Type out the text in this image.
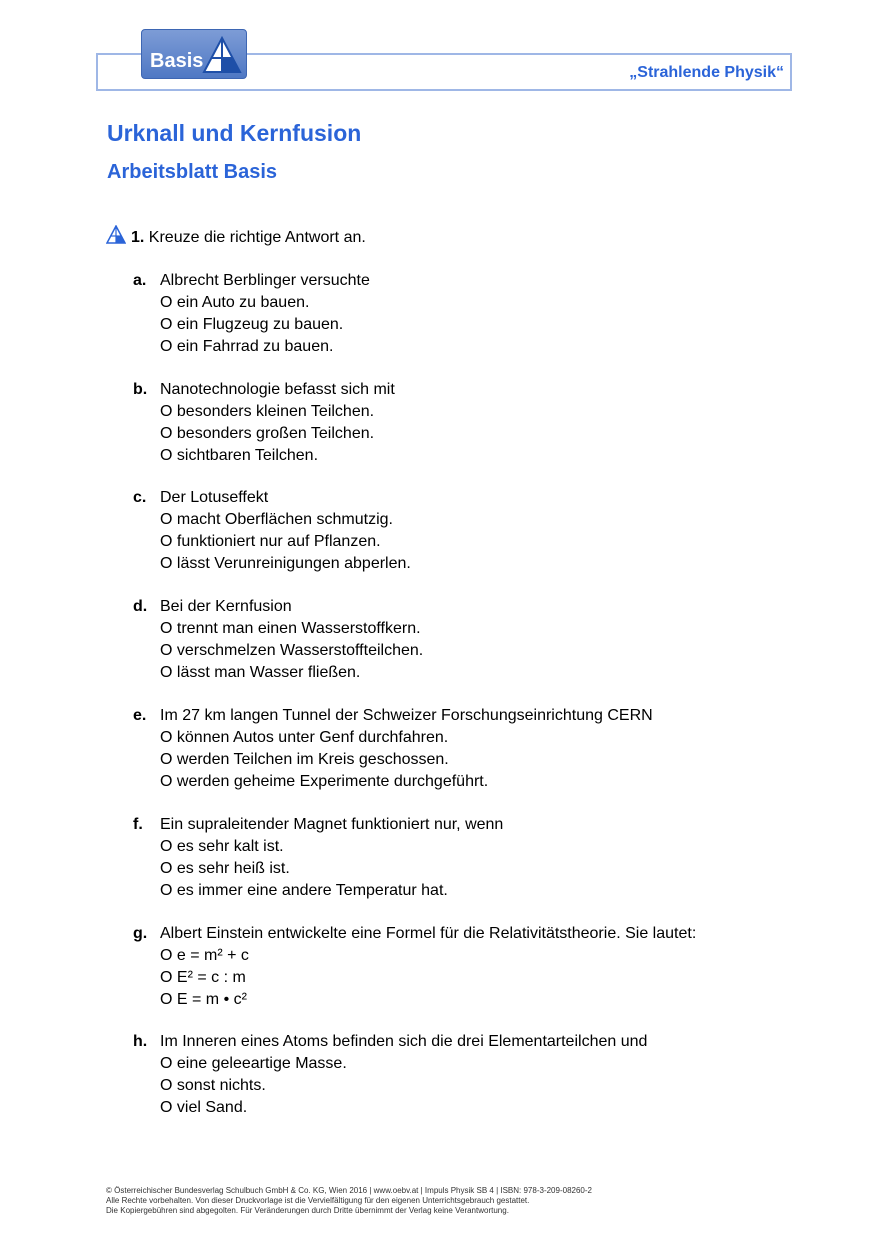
Basis
„Strahlende Physik“
Urknall und Kernfusion
Arbeitsblatt Basis
1. Kreuze die richtige Antwort an.
a. Albrecht Berblinger versuchte
O ein Auto zu bauen.
O ein Flugzeug zu bauen.
O ein Fahrrad zu bauen.
b. Nanotechnologie befasst sich mit
O besonders kleinen Teilchen.
O besonders großen Teilchen.
O sichtbaren Teilchen.
c. Der Lotuseffekt
O macht Oberflächen schmutzig.
O funktioniert nur auf Pflanzen.
O lässt Verunreinigungen abperlen.
d. Bei der Kernfusion
O trennt man einen Wasserstoffkern.
O verschmelzen Wasserstoffteilchen.
O lässt man Wasser fließen.
e. Im 27 km langen Tunnel der Schweizer Forschungseinrichtung CERN
O können Autos unter Genf durchfahren.
O werden Teilchen im Kreis geschossen.
O werden geheime Experimente durchgeführt.
f. Ein supraleitender Magnet funktioniert nur, wenn
O es sehr kalt ist.
O es sehr heiß ist.
O es immer eine andere Temperatur hat.
g. Albert Einstein entwickelte eine Formel für die Relativitätstheorie. Sie lautet:
O e = m² + c
O E² = c : m
O E = m • c²
h. Im Inneren eines Atoms befinden sich die drei Elementarteilchen und
O eine geleeartige Masse.
O sonst nichts.
O viel Sand.
© Österreichischer Bundesverlag Schulbuch GmbH & Co. KG, Wien 2016 | www.oebv.at | Impuls Physik SB 4 | ISBN: 978-3-209-08260-2
Alle Rechte vorbehalten. Von dieser Druckvorlage ist die Vervielfältigung für den eigenen Unterrichtsgebrauch gestattet.
Die Kopiergebühren sind abgegolten. Für Veränderungen durch Dritte übernimmt der Verlag keine Verantwortung.
